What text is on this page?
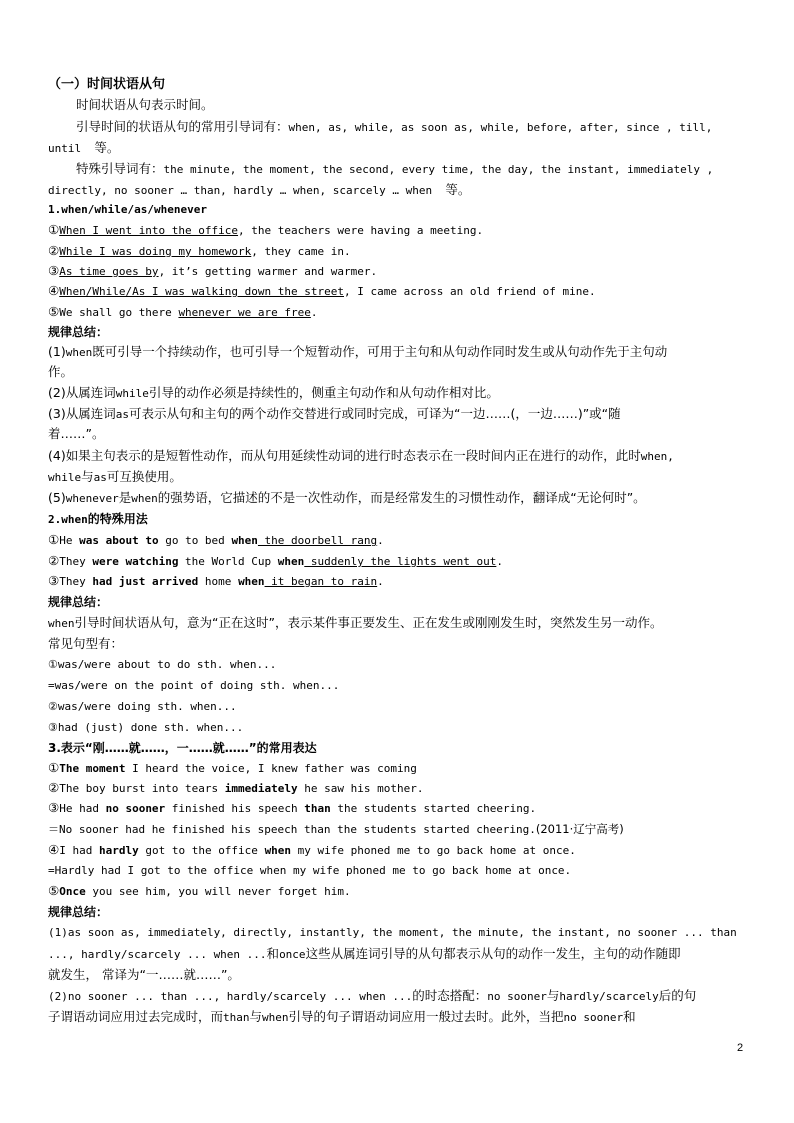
（一）时间状语从句
时间状语从句表示时间。
引导时间的状语从句的常用引导词有：when, as, while, as soon as, while, before, after, since , till,
until 等。
特殊引导词有：the minute, the moment, the second, every time, the day, the instant, immediately ,
directly, no sooner … than, hardly … when, scarcely … when 等。
1.when/while/as/whenever
①When I went into the office, the teachers were having a meeting.
②While I was doing my homework, they came in.
③As time goes by, it’s getting warmer and warmer.
④When/While/As I was walking down the street, I came across an old friend of mine.
⑤We shall go there whenever we are free.
规律总结：
(1)when既可引导一个持续动作，也可引导一个短暂动作，可用于主句和从句动作同时发生或从句动作先于主句动
作。
(2)从属连词while引导的动作必须是持续性的，侧重主句动作和从句动作相对比。
(3)从属连词as可表示从句和主句的两个动作交替进行或同时完成，可译为“一边……(，一边……)”或“随
着……”。
(4)如果主句表示的是短暂性动作，而从句用延续性动词的进行时态表示在一段时间内正在进行的动作，此时when,
while与as可互换使用。
(5)whenever是when的强势语，它描述的不是一次性动作，而是经常发生的习惯性动作，翻译成“无论何时”。
2.when的特殊用法
①He was about to go to bed when the doorbell rang.
②They were watching the World Cup when suddenly the lights went out.
③They had just arrived home when it began to rain.
规律总结：
when引导时间状语从句，意为“正在这时”，表示某件事正要发生、正在发生或刚刚发生时，突然发生另一动作。
常见句型有：
①was/were about to do sth. when...
=was/were on the point of doing sth. when...
②was/were doing sth. when...
③had (just) done sth. when...
3.表示“刚……就……，一……就……”的常用表达
①The moment I heard the voice, I knew father was coming
②The boy burst into tears immediately he saw his mother.
③He had no sooner finished his speech than the students started cheering.
＝No sooner had he finished his speech than the students started cheering.(2011·辽宁高考)
④I had hardly got to the office when my wife phoned me to go back home at once.
=Hardly had I got to the office when my wife phoned me to go back home at once.
⑤Once you see him, you will never forget him.
规律总结：
(1)as soon as, immediately, directly, instantly, the moment, the minute, the instant, no sooner ... than
..., hardly/scarcely ... when ...和once这些从属连词引导的从句都表示从句的动作一发生，主句的动作随即
就发生， 常译为“一……就……”。
(2)no sooner ... than ..., hardly/scarcely ... when ...的时态搭配：no sooner与hardly/scarcely后的句
子谓语动词应用过去完成时，而than与when引导的句子谓语动词应用一般过去时。此外，当把no sooner和
2
